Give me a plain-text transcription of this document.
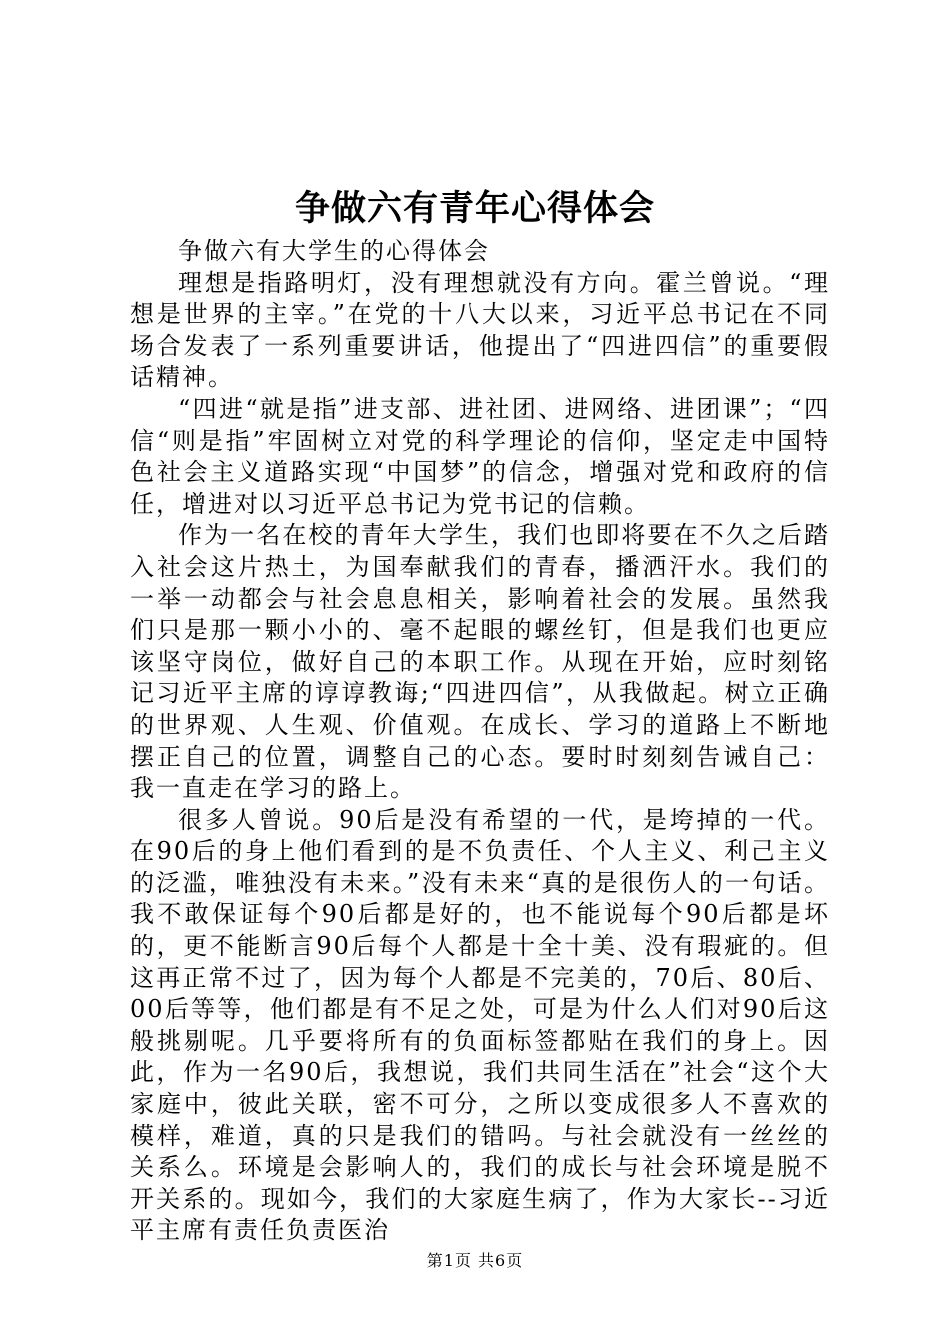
争做六有青年心得体会

争做六有大学生的心得体会

理想是指路明灯，没有理想就没有方向。霍兰曾说。“理想是世界的主宰。”在党的十八大以来，习近平总书记在不同场合发表了一系列重要讲话，他提出了“四进四信”的重要假话精神。

“四进“就是指”进支部、进社团、进网络、进团课”；“四信“则是指”牢固树立对党的科学理论的信仰，坚定走中国特色社会主义道路实现“中国梦”的信念，增强对党和政府的信任，增进对以习近平总书记为党书记的信赖。

作为一名在校的青年大学生，我们也即将要在不久之后踏入社会这片热土，为国奉献我们的青春，播洒汗水。我们的一举一动都会与社会息息相关，影响着社会的发展。虽然我们只是那一颗小小的、毫不起眼的螺丝钉，但是我们也更应该坚守岗位，做好自己的本职工作。从现在开始，应时刻铭记习近平主席的谆谆教诲;“四进四信”，从我做起。树立正确的世界观、人生观、价值观。在成长、学习的道路上不断地摆正自己的位置，调整自己的心态。要时时刻刻告诫自己：我一直走在学习的路上。

很多人曾说。90后是没有希望的一代，是垮掉的一代。在90后的身上他们看到的是不负责任、个人主义、利己主义的泛滥，唯独没有未来。”没有未来“真的是很伤人的一句话。我不敢保证每个90后都是好的，也不能说每个90后都是坏的，更不能断言90后每个人都是十全十美、没有瑕疵的。但这再正常不过了，因为每个人都是不完美的，70后、80后、00后等等，他们都是有不足之处，可是为什么人们对90后这般挑剔呢。几乎要将所有的负面标签都贴在我们的身上。因此，作为一名90后，我想说，我们共同生活在”社会“这个大家庭中，彼此关联，密不可分，之所以变成很多人不喜欢的模样，难道，真的只是我们的错吗。与社会就没有一丝丝的关系么。环境是会影响人的，我们的成长与社会环境是脱不开关系的。现如今，我们的大家庭生病了，作为大家长--习近平主席有责任负责医治

第1页 共6页
